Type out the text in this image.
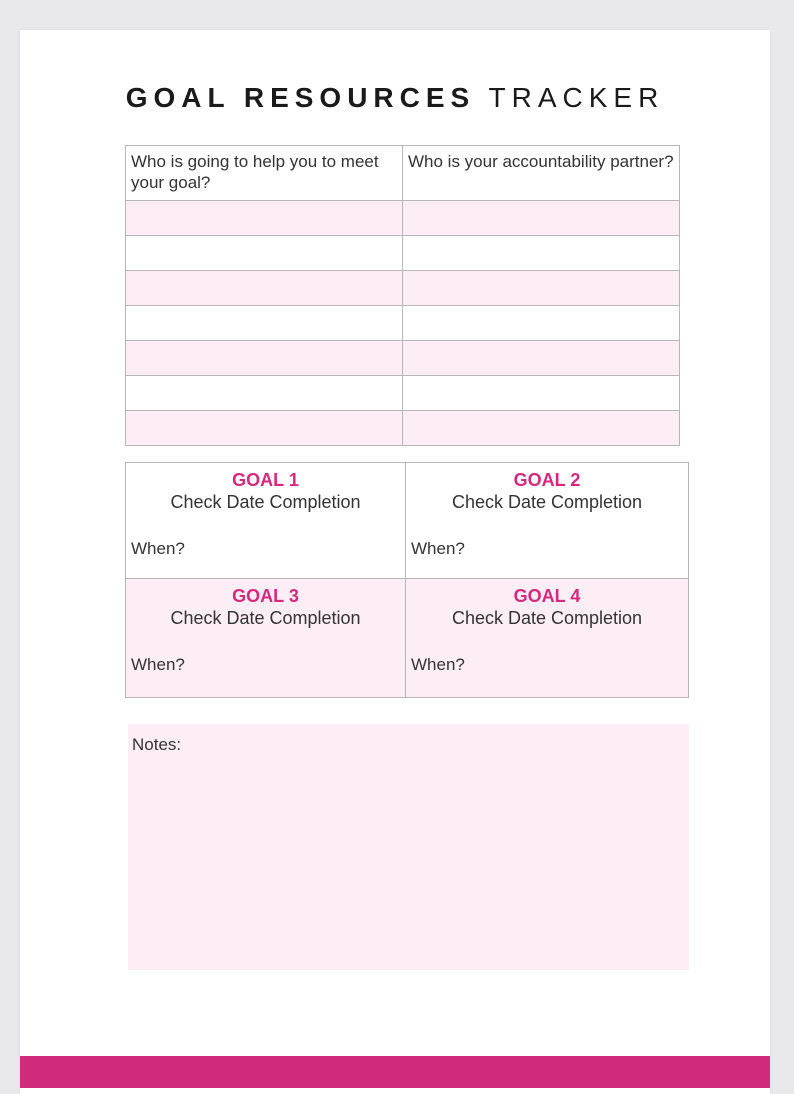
GOAL RESOURCES TRACKER
Who is going to help you to meet your goal?	Who is your accountability partner?

GOAL 1
Check Date Completion
When?
GOAL 2
Check Date Completion
When?
GOAL 3
Check Date Completion
When?
GOAL 4
Check Date Completion
When?
Notes:
